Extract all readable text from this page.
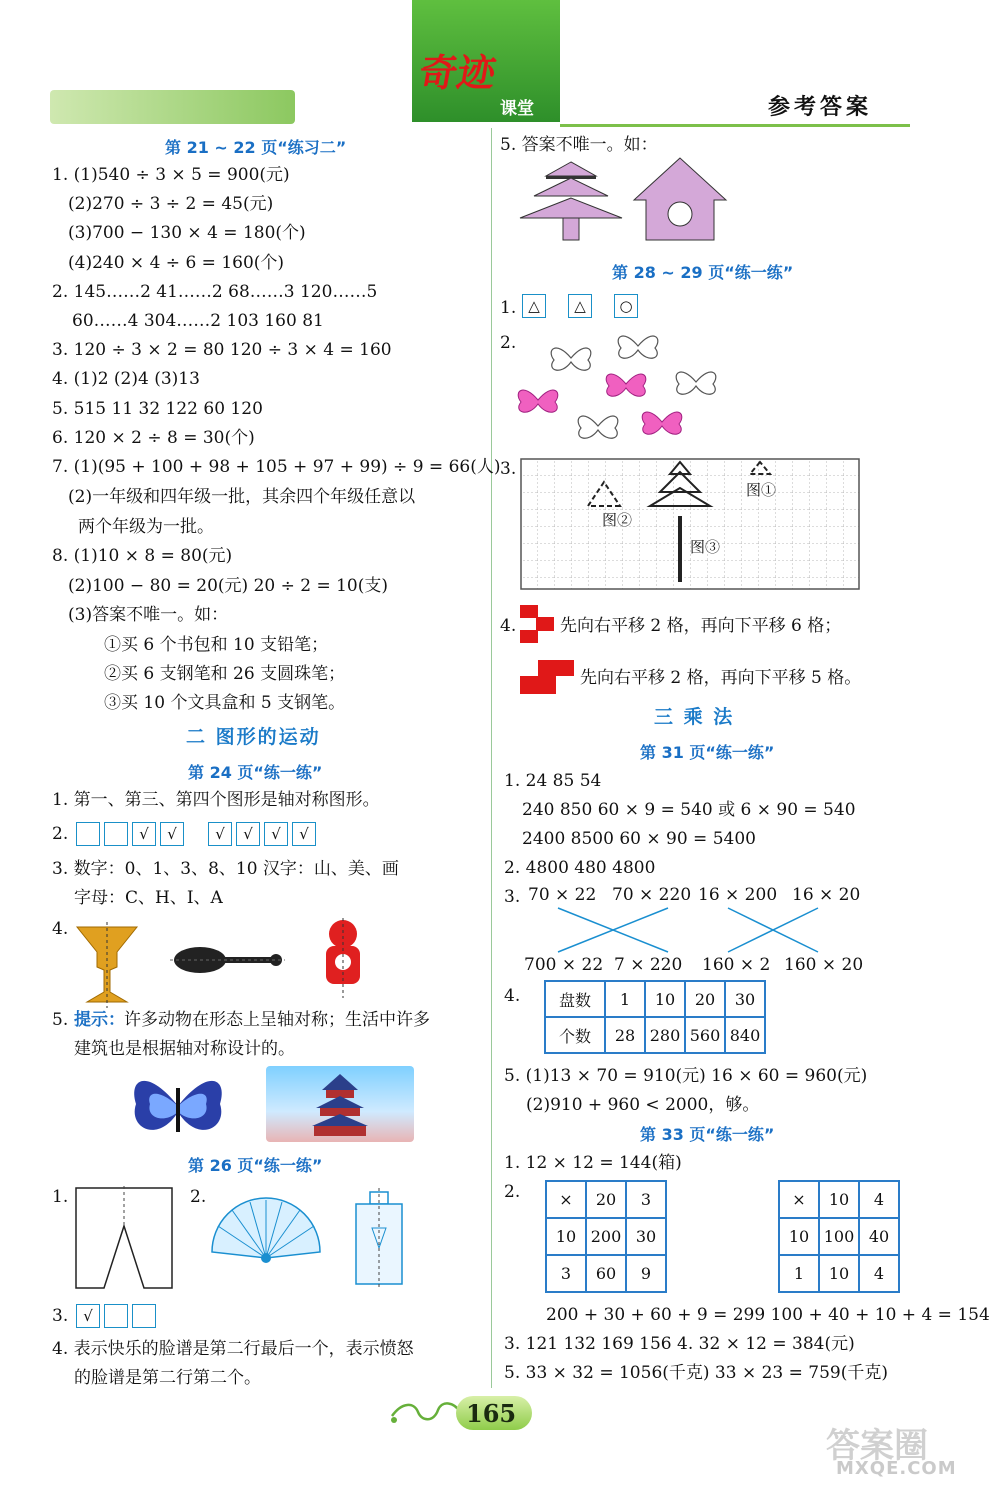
奇迹
课堂	参考答案
第 21 ~ 22 页“练习二”
1. (1)540 ÷ 3 × 5 = 900(元)
(2)270 ÷ 3 ÷ 2 = 45(元)
(3)700 − 130 × 4 = 180(个)
(4)240 × 4 ÷ 6 = 160(个)
2. 145……2 41……2 68……3 120……5
60……4 304……2 103 160 81
3. 120 ÷ 3 × 2 = 80 120 ÷ 3 × 4 = 160
4. (1)2 (2)4 (3)13
5. 515 11 32 122 60 120
6. 120 × 2 ÷ 8 = 30(个)
7. (1)(95 + 100 + 98 + 105 + 97 + 99) ÷ 9 = 66(人)
(2)一年级和四年级一批，其余四个年级任意以
两个年级为一批。
8. (1)10 × 8 = 80(元)
(2)100 − 80 = 20(元) 20 ÷ 2 = 10(支)
(3)答案不唯一。如：
①买 6 个书包和 10 支铅笔；
②买 6 支钢笔和 26 支圆珠笔；
③买 10 个文具盒和 5 支钢笔。
二 图形的运动
第 24 页“练一练”
1. 第一、第三、第四个图形是轴对称图形。
2.	√ √	√ √ √ √
3. 数字：0、1、3、8、10 汉字：山、美、画
字母：C、H、I、A
4.
5. 提示： 许多动物在形态上呈轴对称；生活中许多
建筑也是根据轴对称设计的。
第 26 页“练一练”
1.	2.
3. √
4. 表示快乐的脸谱是第二行最后一个，表示愤怒
的脸谱是第二行第二个。
5. 答案不唯一。如：
第 28 ~ 29 页“练一练”
1. △ △ ○
2.
3.
图①
图②
图③
4.	先向右平移 2 格，再向下平移 6 格；
先向右平移 2 格，再向下平移 5 格。
三 乘 法
第 31 页“练一练”
1. 24 85 54
240 850 60 × 9 = 540 或 6 × 90 = 540
2400 8500 60 × 90 = 5400
2. 4800 480 4800
3. 70 × 22 70 × 220 16 × 200 16 × 20
700 × 22 7 × 220 160 × 2 160 × 20
4. 盘数	1	10	20	30
个数	28	280	560	840
5. (1)13 × 70 = 910(元) 16 × 60 = 960(元)
(2)910 + 960 < 2000，够。
第 33 页“练一练”
1. 12 × 12 = 144(箱)
2. ×	20	3
10	200	30
3	60	9
×	10	4
10	100	40
1	10	4
200 + 30 + 60 + 9 = 299 100 + 40 + 10 + 4 = 154
3. 121 132 169 156 4. 32 × 12 = 384(元)
5. 33 × 32 = 1056(千克) 33 × 23 = 759(千克)
165
答案圈
MXQE.COM
